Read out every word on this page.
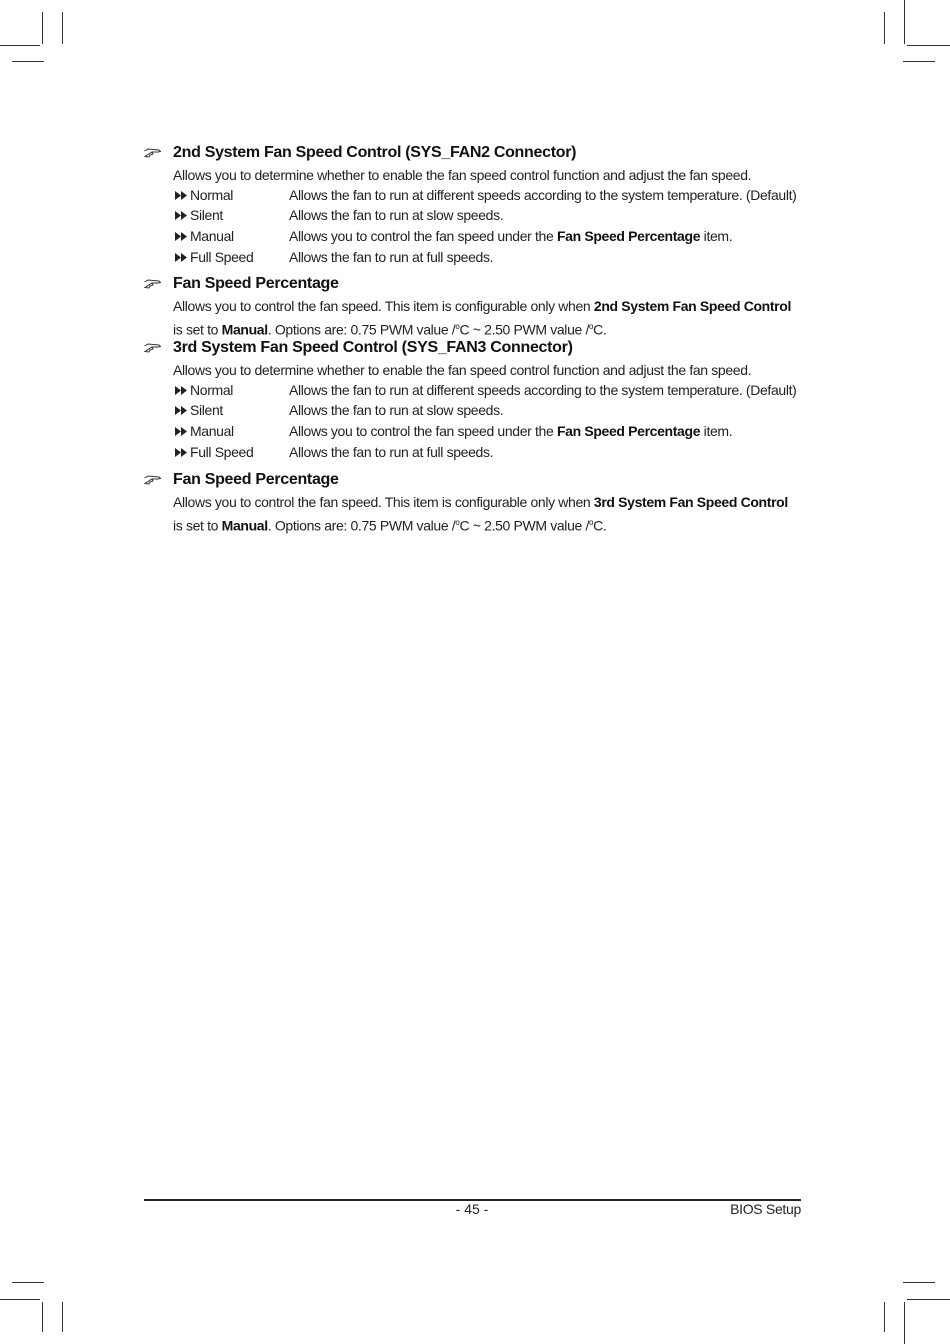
2nd System Fan Speed Control (SYS_FAN2 Connector)
Allows you to determine whether to enable the fan speed control function and adjust the fan speed.
Normal	Allows the fan to run at different speeds according to the system temperature. (Default)
Silent	Allows the fan to run at slow speeds.
Manual	Allows you to control the fan speed under the Fan Speed Percentage item.
Full Speed	Allows the fan to run at full speeds.
Fan Speed Percentage
Allows you to control the fan speed. This item is configurable only when 2nd System Fan Speed Control
is set to Manual. Options are: 0.75 PWM value /$^o$C ~ 2.50 PWM value /$^o$C.
3rd System Fan Speed Control (SYS_FAN3 Connector)
Allows you to determine whether to enable the fan speed control function and adjust the fan speed.
Normal	Allows the fan to run at different speeds according to the system temperature. (Default)
Silent	Allows the fan to run at slow speeds.
Manual	Allows you to control the fan speed under the Fan Speed Percentage item.
Full Speed	Allows the fan to run at full speeds.
Fan Speed Percentage
Allows you to control the fan speed. This item is configurable only when 3rd System Fan Speed Control
is set to Manual. Options are: 0.75 PWM value /$^o$C ~ 2.50 PWM value /$^o$C.
- 45 -	BIOS Setup
